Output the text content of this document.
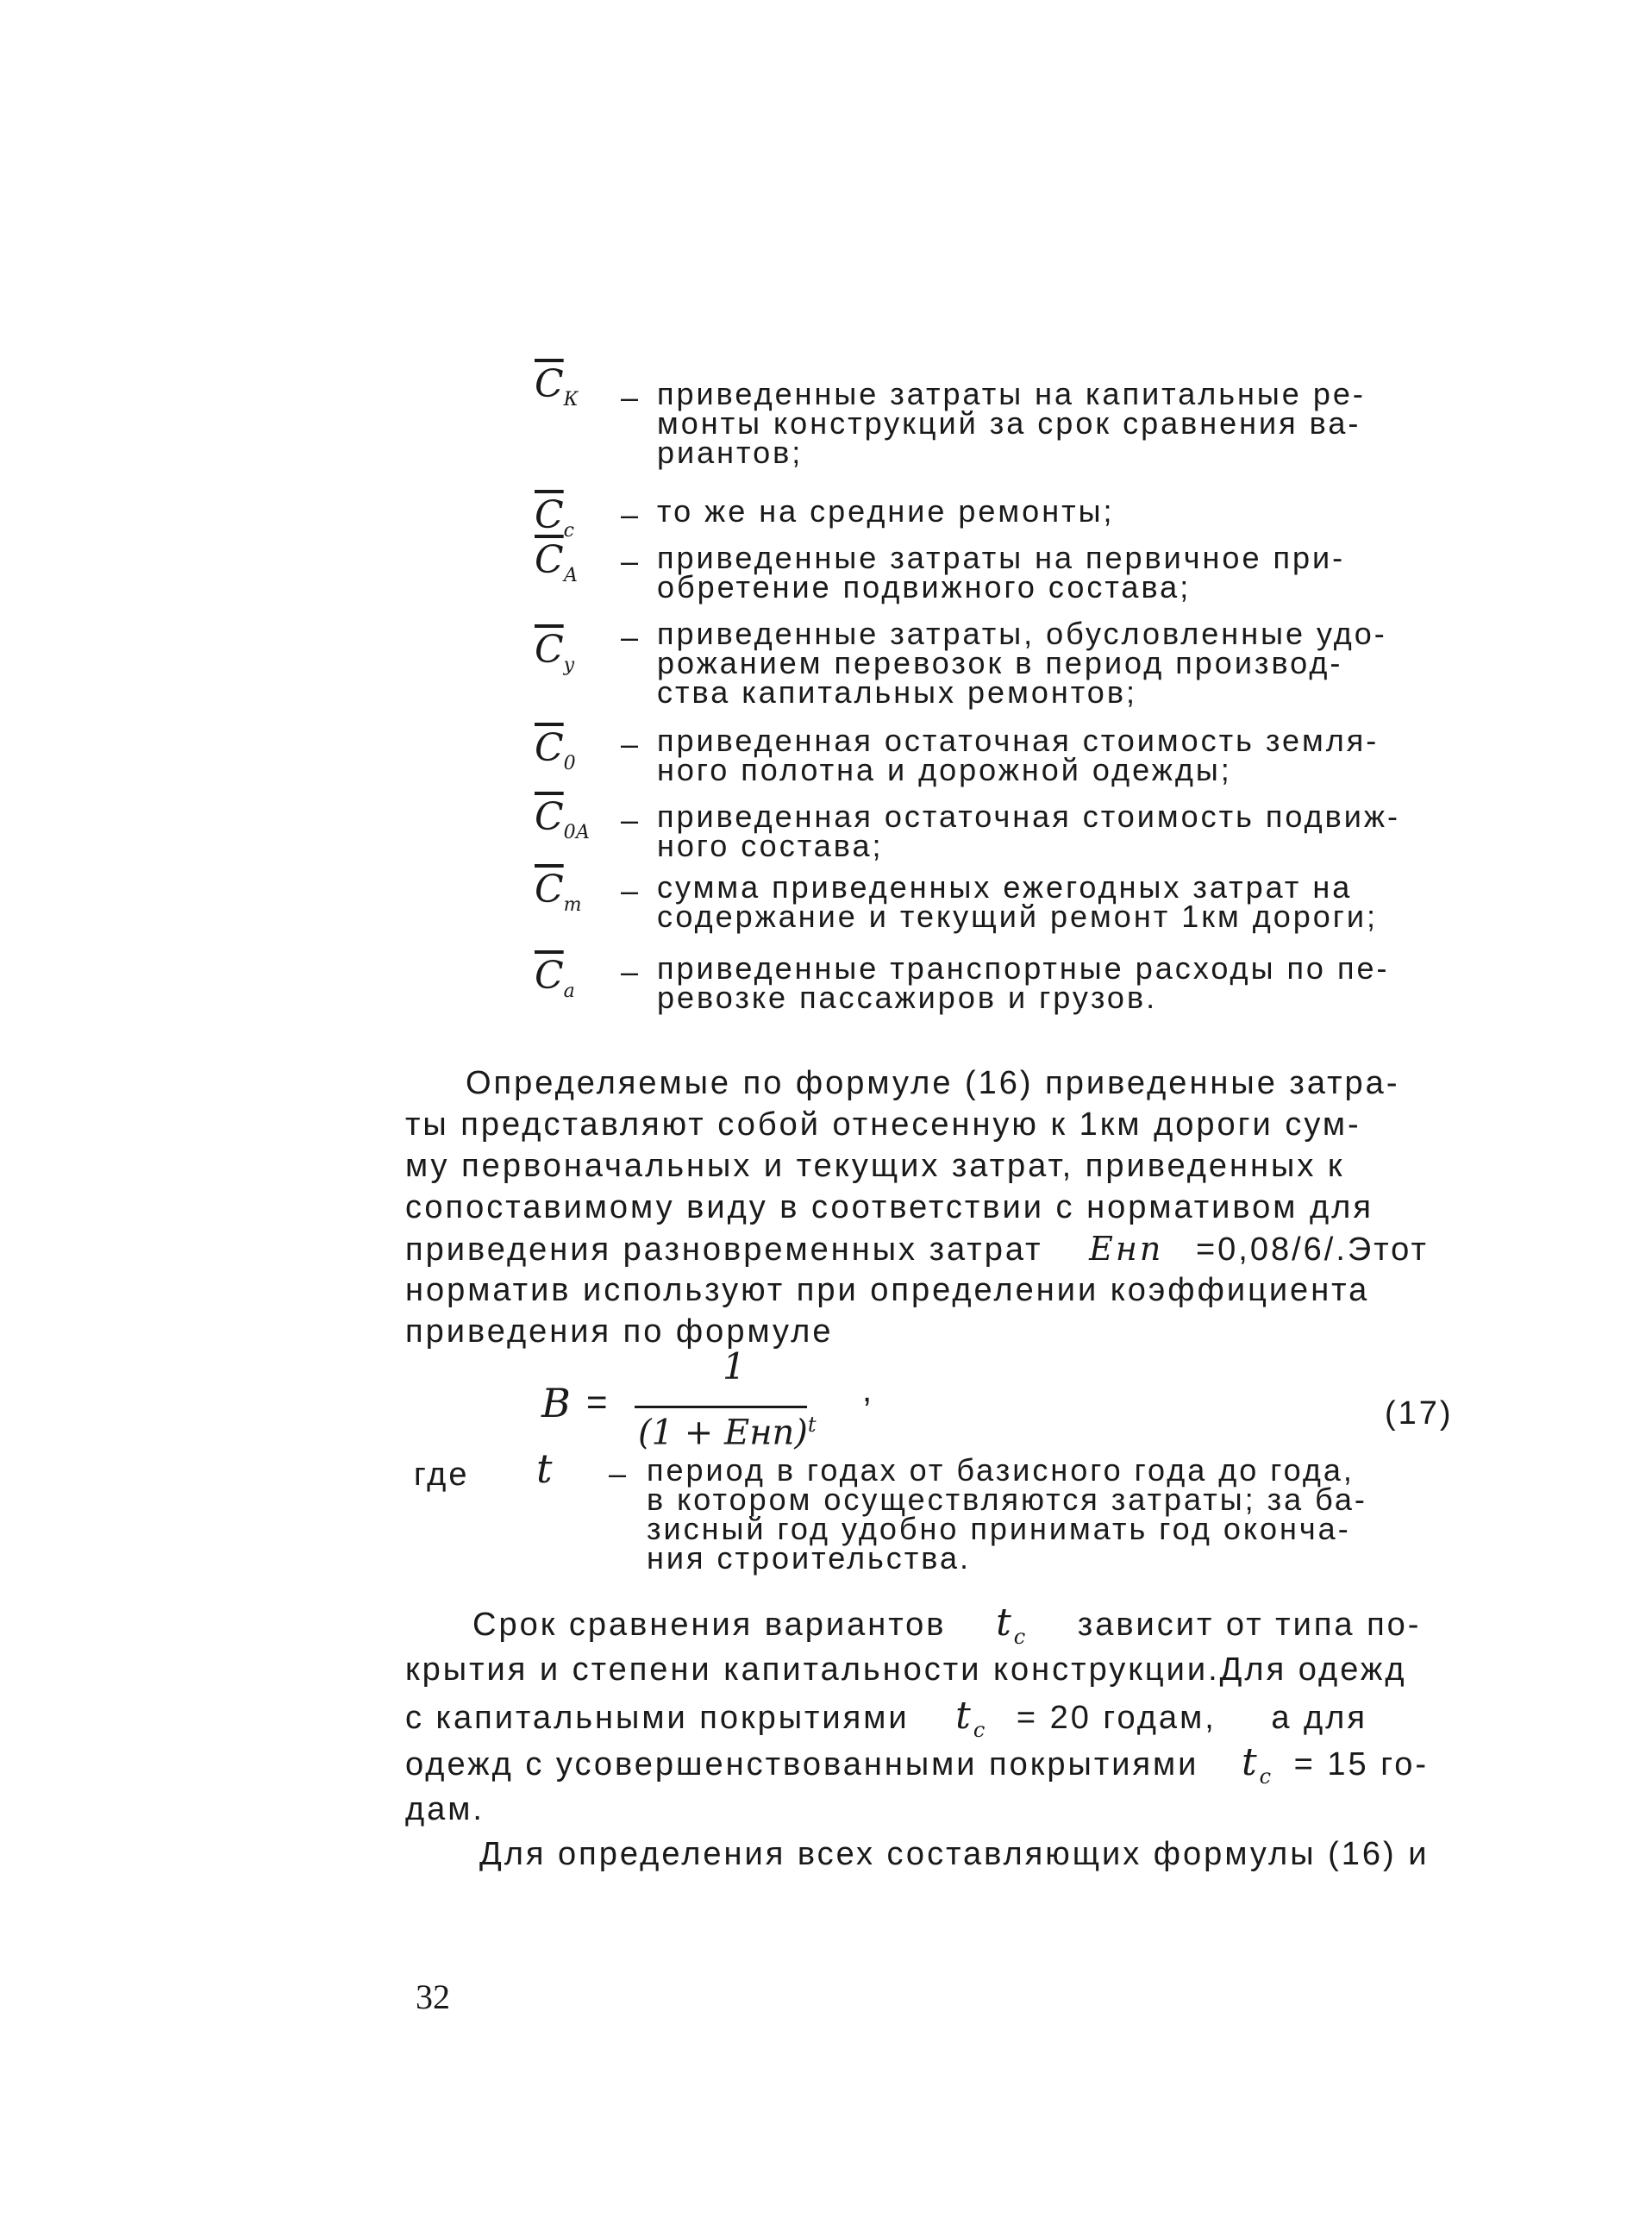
$\overline{C}_К$ – приведенные затраты на капитальные ре-
монты конструкций за срок сравнения ва-
риантов;
$\overline{C}_с$ – то же на средние ремонты;
$\overline{C}_А$ – приведенные затраты на первичное при-
обретение подвижного состава;
$\overline{C}_у$
– приведенные затраты, обусловленные удо-
рожанием перевозок в период производ-
ства капитальных ремонтов;
$\overline{C}_0$
– приведенная остаточная стоимость земля-
ного полотна и дорожной одежды;
$\overline{C}_{0А}$ – приведенная остаточная стоимость подвиж-
ного состава;
$\overline{C}_т$ – сумма приведенных ежегодных затрат на
содержание и текущий ремонт 1км дороги;
$\overline{C}_а$
– приведенные транспортные расходы по пе-
ревозке пассажиров и грузов.
Определяемые по формуле (16) приведенные затра-
ты представляют собой отнесенную к 1км дороги сум-
му первоначальных и текущих затрат, приведенных к
сопоставимому виду в соответствии с нормативом для
приведения разновременных затрат Eнп =0,08/6/.Этот
норматив используют при определении коэффициента
приведения по формуле
B =
1
(1 + Eнп)$^t$
,
(17)
где t – период в годах от базисного года до года,
в котором осуществляются затраты; за ба-
зисный год удобно принимать год оконча-
ния строительства.
Срок сравнения вариантов $t_с$ зависит от типа по-
крытия и степени капитальности конструкции.Для одежд
с капитальными покрытиями $t_с = 20$ годам, а для
одежд с усовершенствованными покрытиями $t_с = 15$ го-
дам.
Для определения всех составляющих формулы (16) и
32
